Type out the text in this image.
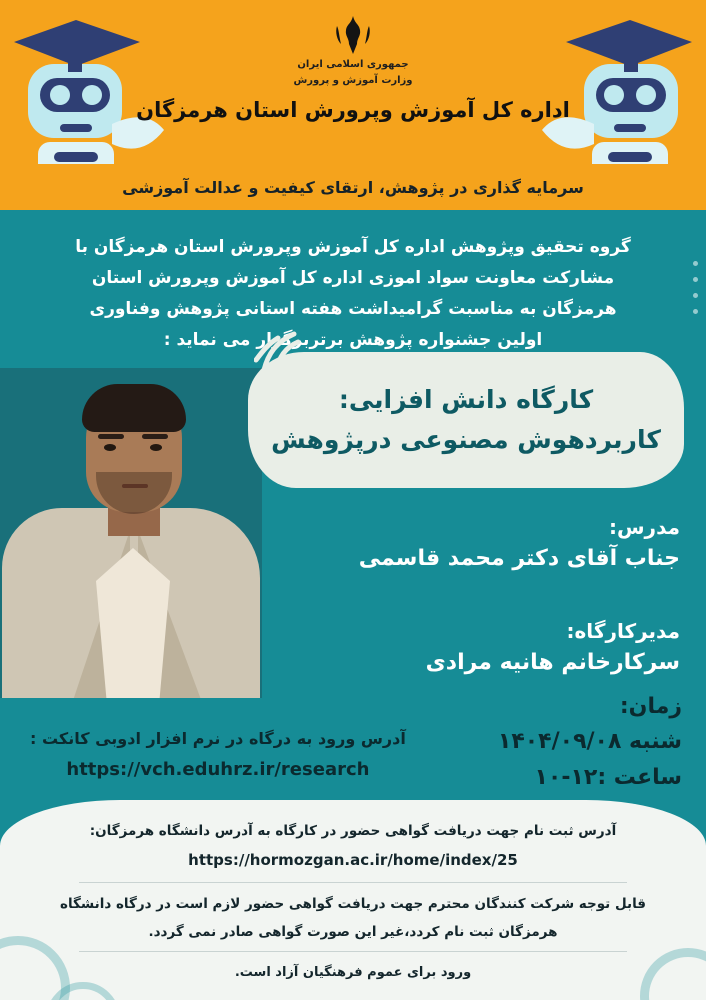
جمهوری اسلامی ایران
وزارت آموزش و پرورش
اداره کل آموزش وپرورش استان هرمزگان
سرمایه گذاری در پژوهش، ارتقای کیفیت و عدالت آموزشی
گروه تحقیق وپژوهش اداره کل آموزش وپرورش استان هرمزگان با
مشارکت معاونت سواد اموزی اداره کل آموزش وپرورش استان
هرمزگان به مناسبت گرامیداشت هفته استانی پژوهش وفناوری
اولین جشنواره پژوهش برتربرگزار می نماید :
کارگاه دانش افزایی:
کاربردهوش مصنوعی درپژوهش
مدرس:
جناب آقای دکتر محمد قاسمی
مدیرکارگاه:
سرکارخانم هانیه مرادی
زمان:
شنبه ۱۴۰۴/۰۹/۰۸
ساعت :۱۲-۱۰
آدرس ورود به درگاه در نرم افزار ادوبی کانکت :
https://vch.eduhrz.ir/research
آدرس ثبت نام جهت دریافت گواهی حضور در کارگاه به آدرس دانشگاه هرمزگان:
https://hormozgan.ac.ir/home/index/25
قابل توجه شرکت کنندگان محترم جهت دریافت گواهی حضور لازم است در درگاه دانشگاه
هرمزگان ثبت نام کردد،غیر این صورت گواهی صادر نمی گردد.
ورود برای عموم فرهنگیان آزاد است.
